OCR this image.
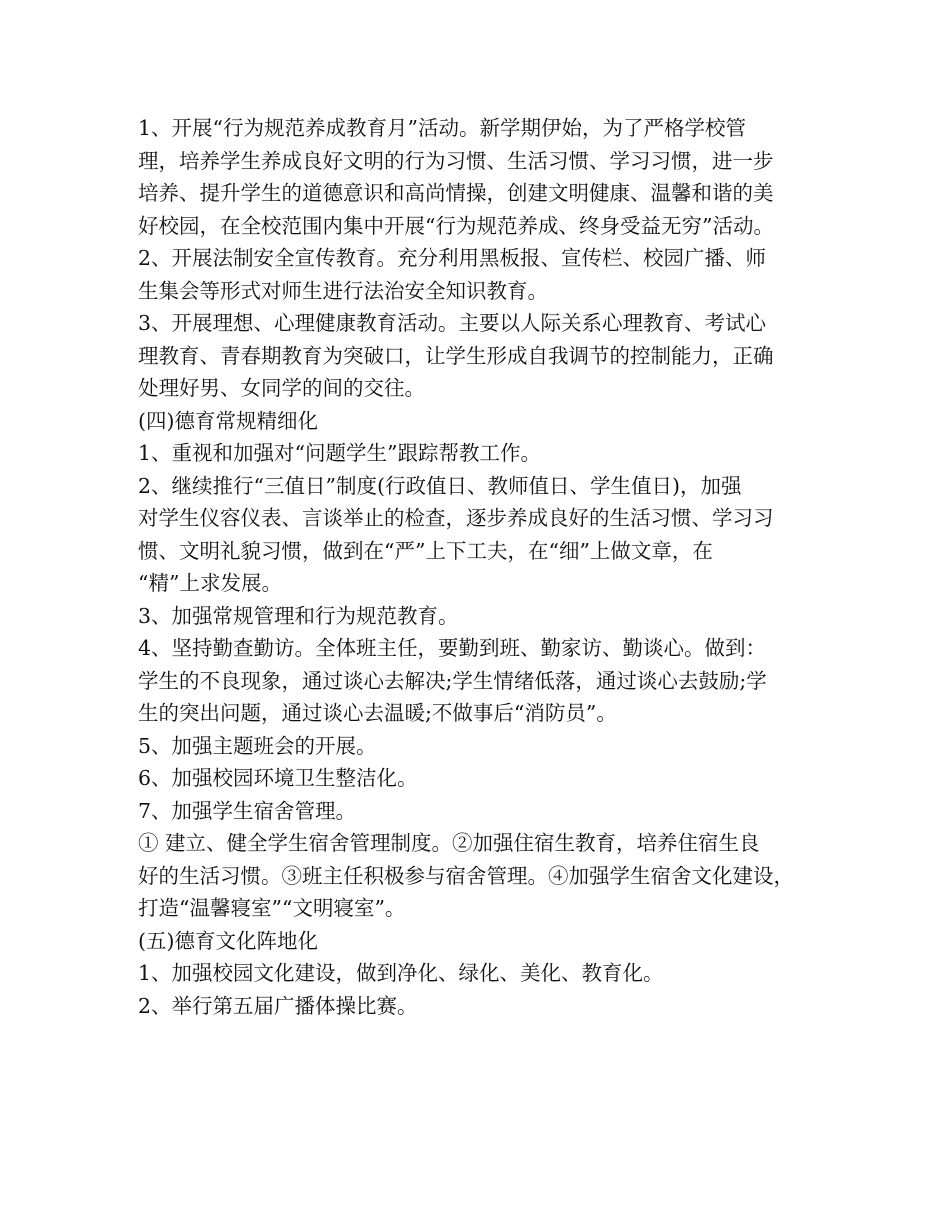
1、开展“行为规范养成教育月”活动。新学期伊始，为了严格学校管
理，培养学生养成良好文明的行为习惯、生活习惯、学习习惯，进一步
培养、提升学生的道德意识和高尚情操，创建文明健康、温馨和谐的美
好校园，在全校范围内集中开展“行为规范养成、终身受益无穷”活动。
2、开展法制安全宣传教育。充分利用黑板报、宣传栏、校园广播、师
生集会等形式对师生进行法治安全知识教育。
3、开展理想、心理健康教育活动。主要以人际关系心理教育、考试心
理教育、青春期教育为突破口，让学生形成自我调节的控制能力，正确
处理好男、女同学的间的交往。
(四)德育常规精细化
1、重视和加强对“问题学生”跟踪帮教工作。
2、继续推行“三值日”制度(行政值日、教师值日、学生值日)，加强
对学生仪容仪表、言谈举止的检查，逐步养成良好的生活习惯、学习习
惯、文明礼貌习惯，做到在“严”上下工夫，在“细”上做文章，在
“精”上求发展。
3、加强常规管理和行为规范教育。
4、坚持勤查勤访。全体班主任，要勤到班、勤家访、勤谈心。做到：
学生的不良现象，通过谈心去解决;学生情绪低落，通过谈心去鼓励;学
生的突出问题，通过谈心去温暖;不做事后“消防员”。
5、加强主题班会的开展。
6、加强校园环境卫生整洁化。
7、加强学生宿舍管理。
① 建立、健全学生宿舍管理制度。②加强住宿生教育，培养住宿生良
好的生活习惯。③班主任积极参与宿舍管理。④加强学生宿舍文化建设，
打造“温馨寝室”“文明寝室”。
(五)德育文化阵地化
1、加强校园文化建设，做到净化、绿化、美化、教育化。
2、举行第五届广播体操比赛。
